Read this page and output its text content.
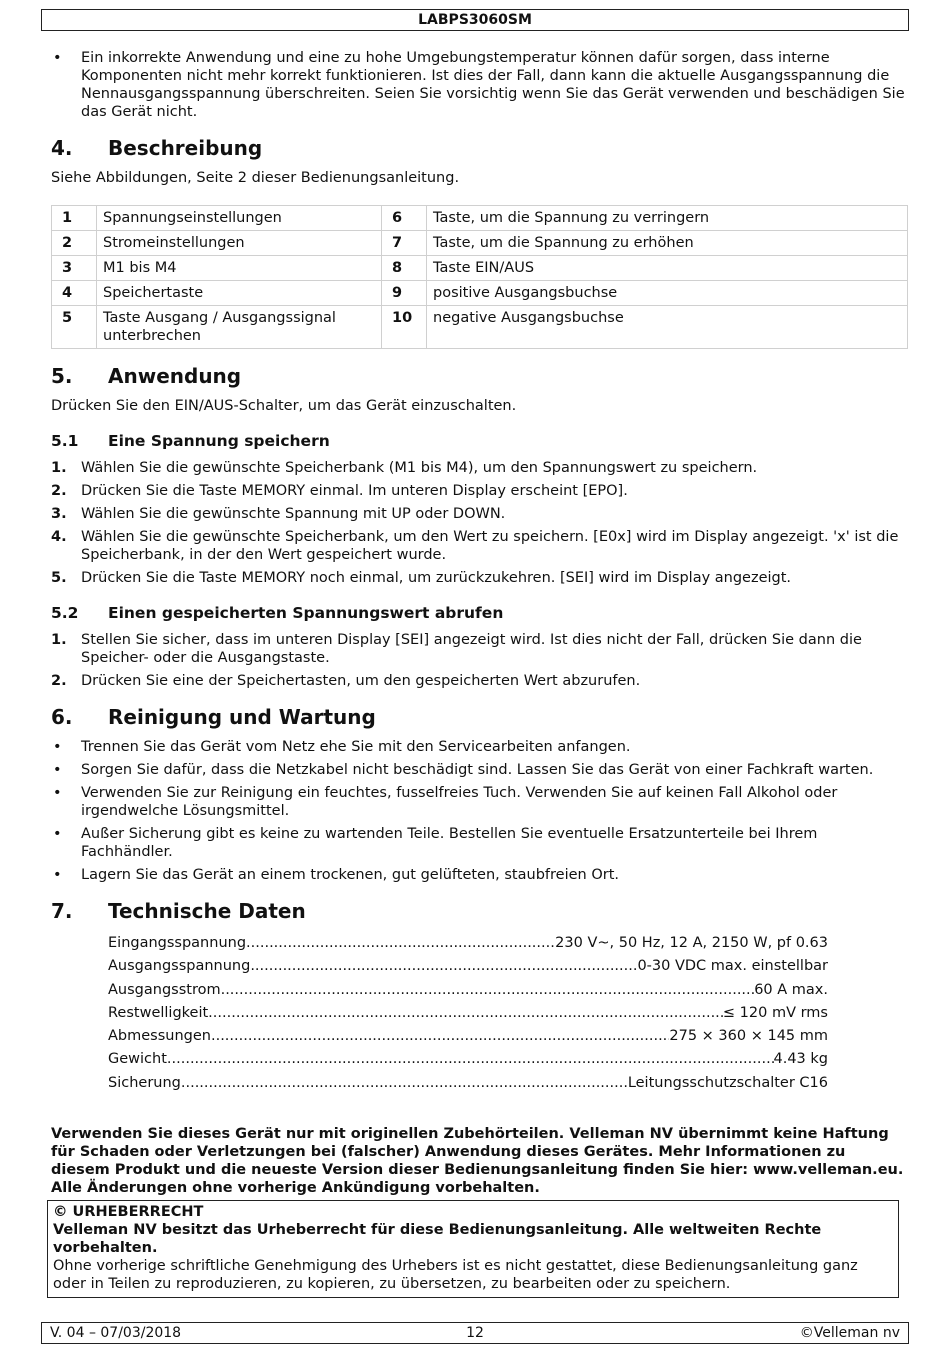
LABPS3060SM
• Ein inkorrekte Anwendung und eine zu hohe Umgebungstemperatur können dafür sorgen, dass interne Komponenten nicht mehr korrekt funktionieren. Ist dies der Fall, dann kann die aktuelle Ausgangsspannung die Nennausgangsspannung überschreiten. Seien Sie vorsichtig wenn Sie das Gerät verwenden und beschädigen Sie das Gerät nicht.
4. Beschreibung

Siehe Abbildungen, Seite 2 dieser Bedienungsanleitung.

1	Spannungseinstellungen	6	Taste, um die Spannung zu verringern
2	Stromeinstellungen	7	Taste, um die Spannung zu erhöhen
3	M1 bis M4	8	Taste EIN/AUS
4	Speichertaste	9	positive Ausgangsbuchse
5	Taste Ausgang / Ausgangssignal unterbrechen	10	negative Ausgangsbuchse
5. Anwendung

Drücken Sie den EIN/AUS-Schalter, um das Gerät einzuschalten.

5.1 Eine Spannung speichern
1. Wählen Sie die gewünschte Speicherbank (M1 bis M4), um den Spannungswert zu speichern.
2. Drücken Sie die Taste MEMORY einmal. Im unteren Display erscheint [EPO].
3. Wählen Sie die gewünschte Spannung mit UP oder DOWN.
4. Wählen Sie die gewünschte Speicherbank, um den Wert zu speichern. [E0x] wird im Display angezeigt. 'x' ist die Speicherbank, in der den Wert gespeichert wurde.
5. Drücken Sie die Taste MEMORY noch einmal, um zurückzukehren. [SEI] wird im Display angezeigt.
5.2 Einen gespeicherten Spannungswert abrufen
1. Stellen Sie sicher, dass im unteren Display [SEI] angezeigt wird. Ist dies nicht der Fall, drücken Sie dann die Speicher- oder die Ausgangstaste.
2. Drücken Sie eine der Speichertasten, um den gespeicherten Wert abzurufen.
6. Reinigung und Wartung
• Trennen Sie das Gerät vom Netz ehe Sie mit den Servicearbeiten anfangen.
• Sorgen Sie dafür, dass die Netzkabel nicht beschädigt sind. Lassen Sie das Gerät von einer Fachkraft warten.
• Verwenden Sie zur Reinigung ein feuchtes, fusselfreies Tuch. Verwenden Sie auf keinen Fall Alkohol oder irgendwelche Lösungsmittel.
• Außer Sicherung gibt es keine zu wartenden Teile. Bestellen Sie eventuelle Ersatzunterteile bei Ihrem Fachhändler.
• Lagern Sie das Gerät an einem trockenen, gut gelüfteten, staubfreien Ort.
7. Technische Daten
Eingangsspannung .....	230 V~, 50 Hz, 12 A, 2150 W, pf 0.63
Ausgangsspannung .....	0-30 VDC max. einstellbar
Ausgangsstrom .....	60 A max.
Restwelligkeit .....	≤ 120 mV rms
Abmessungen .....	275 × 360 × 145 mm
Gewicht .....	4.43 kg
Sicherung .....	Leitungsschutzschalter C16

Verwenden Sie dieses Gerät nur mit originellen Zubehörteilen. Velleman NV übernimmt keine Haftung für Schaden oder Verletzungen bei (falscher) Anwendung dieses Gerätes. Mehr Informationen zu diesem Produkt und die neueste Version dieser Bedienungsanleitung finden Sie hier: www.velleman.eu. Alle Änderungen ohne vorherige Ankündigung vorbehalten.

© URHEBERRECHT
Velleman NV besitzt das Urheberrecht für diese Bedienungsanleitung. Alle weltweiten Rechte vorbehalten.
Ohne vorherige schriftliche Genehmigung des Urhebers ist es nicht gestattet, diese Bedienungsanleitung ganz oder in Teilen zu reproduzieren, zu kopieren, zu übersetzen, zu bearbeiten oder zu speichern.
12
V. 04 – 07/03/2018	©Velleman nv
